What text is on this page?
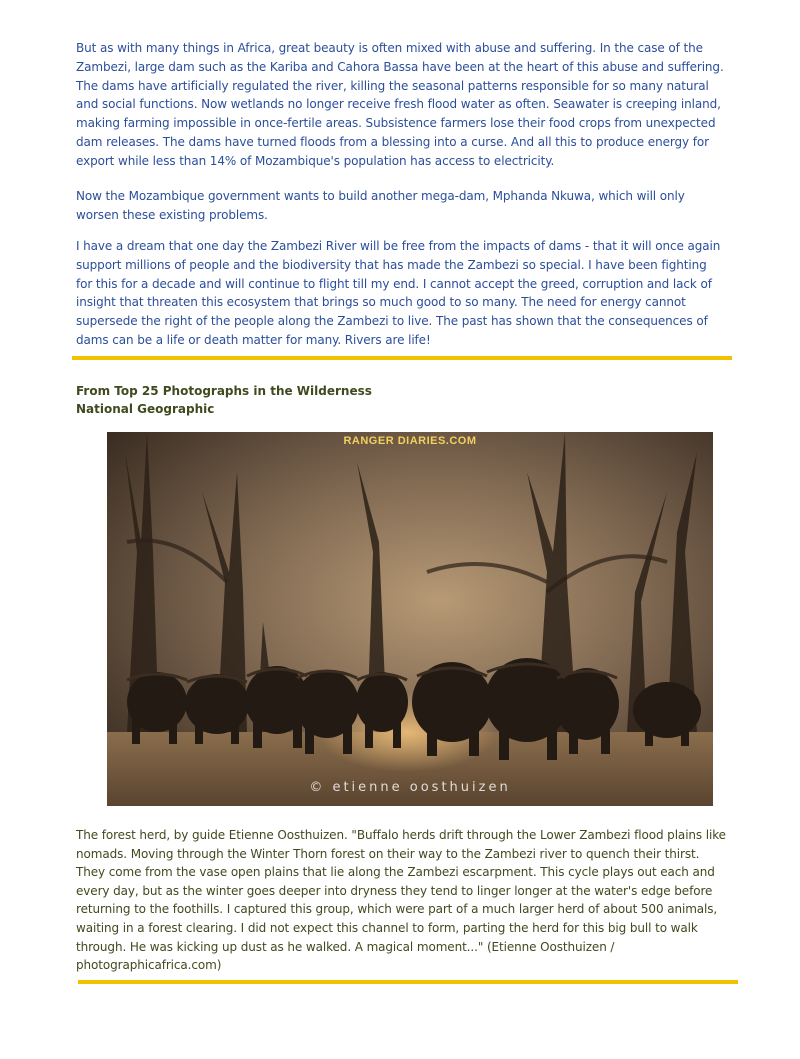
But as with many things in Africa, great beauty is often mixed with abuse and suffering. In the case of the Zambezi, large dam such as the Kariba and Cahora Bassa have been at the heart of this abuse and suffering. The dams have artificially regulated the river, killing the seasonal patterns responsible for so many natural and social functions. Now wetlands no longer receive fresh flood water as often. Seawater is creeping inland, making farming impossible in once-fertile areas. Subsistence farmers lose their food crops from unexpected dam releases. The dams have turned floods from a blessing into a curse. And all this to produce energy for export while less than 14% of Mozambique's population has access to electricity.

Now the Mozambique government wants to build another mega-dam, Mphanda Nkuwa, which will only worsen these existing problems.

I have a dream that one day the Zambezi River will be free from the impacts of dams - that it will once again support millions of people and the biodiversity that has made the Zambezi so special. I have been fighting for this for a decade and will continue to flight till my end. I cannot accept the greed, corruption and lack of insight that threaten this ecosystem that brings so much good to so many. The need for energy cannot supersede the right of the people along the Zambezi to live. The past has shown that the consequences of dams can be a life or death matter for many. Rivers are life!

From Top 25 Photographs in the Wilderness

National Geographic

RANGER DIARIES.COM

© etienne oosthuizen

The forest herd, by guide Etienne Oosthuizen. "Buffalo herds drift through the Lower Zambezi flood plains like nomads. Moving through the Winter Thorn forest on their way to the Zambezi river to quench their thirst. They come from the vase open plains that lie along the Zambezi escarpment. This cycle plays out each and every day, but as the winter goes deeper into dryness they tend to linger longer at the water's edge before returning to the foothills. I captured this group, which were part of a much larger herd of about 500 animals, waiting in a forest clearing. I did not expect this channel to form, parting the herd for this big bull to walk through. He was kicking up dust as he walked. A magical moment..." (Etienne Oosthuizen / photographicafrica.com)
